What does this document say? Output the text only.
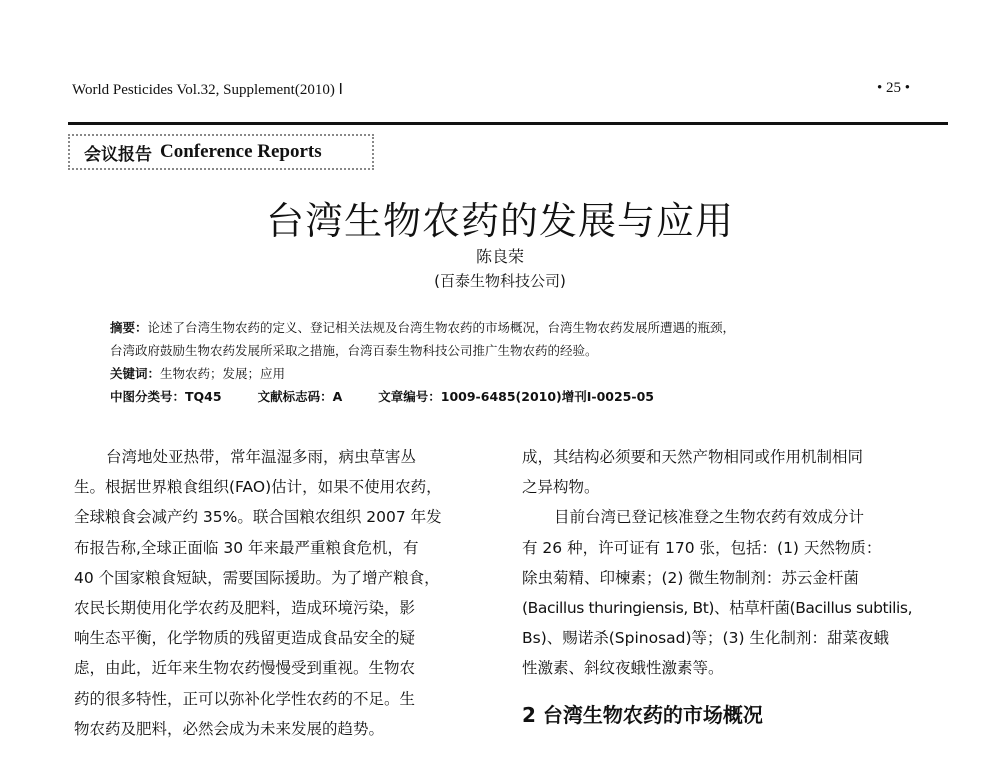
World Pesticides Vol.32, Supplement(2010) Ⅰ	• 25 •
会议报告 Conference Reports
台湾生物农药的发展与应用
陈良荣
(百泰生物科技公司)
摘要：论述了台湾生物农药的定义、登记相关法规及台湾生物农药的市场概况，台湾生物农药发展所遭遇的瓶颈，
台湾政府鼓励生物农药发展所采取之措施，台湾百泰生物科技公司推广生物农药的经验。
关键词：生物农药；发展；应用
中图分类号：TQ45	文献标志码：A	文章编号：1009-6485(2010)增刊Ⅰ-0025-05
台湾地处亚热带，常年温湿多雨，病虫草害丛
生。根据世界粮食组织(FAO)估计，如果不使用农药，
全球粮食会减产约 35%。联合国粮农组织 2007 年发
布报告称,全球正面临 30 年来最严重粮食危机，有
40 个国家粮食短缺，需要国际援助。为了增产粮食，
农民长期使用化学农药及肥料，造成环境污染，影
响生态平衡，化学物质的残留更造成食品安全的疑
虑，由此，近年来生物农药慢慢受到重视。生物农
药的很多特性，正可以弥补化学性农药的不足。生
物农药及肥料，必然会成为未来发展的趋势。
成，其结构必须要和天然产物相同或作用机制相同
之异构物。
目前台湾已登记核准登之生物农药有效成分计
有 26 种，许可证有 170 张，包括：(1) 天然物质：
除虫菊精、印楝素；(2) 微生物制剂：苏云金杆菌
(Bacillus thuringiensis, Bt)、枯草杆菌(Bacillus subtilis,
Bs)、赐诺杀(Spinosad)等；(3) 生化制剂：甜菜夜蛾
性激素、斜纹夜蛾性激素等。
2 台湾生物农药的市场概况
